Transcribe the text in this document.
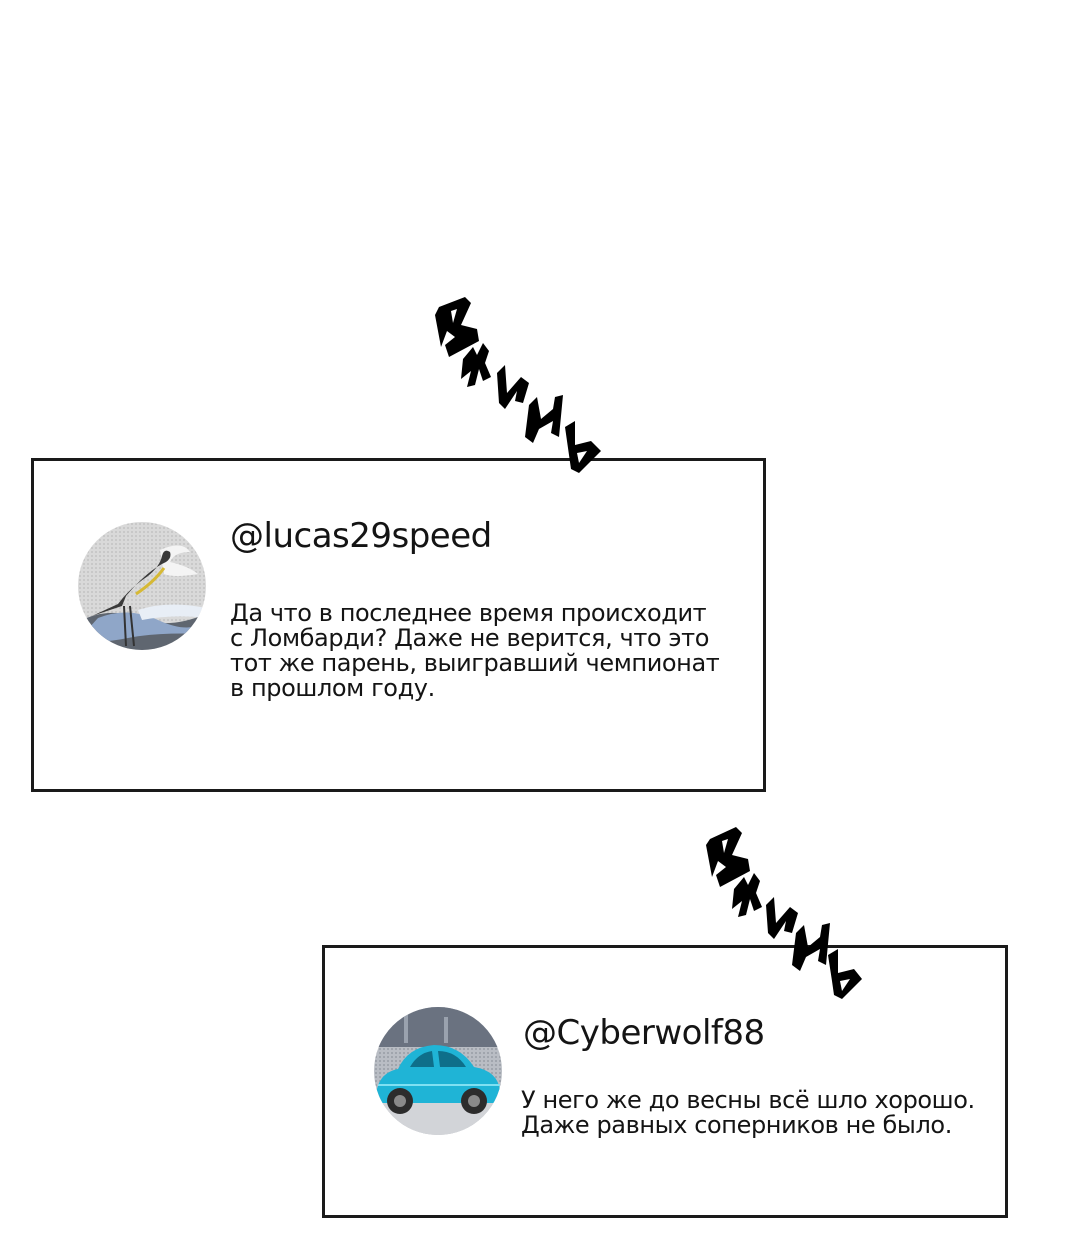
@lucas29speed
Да что в последнее время происходит
с Ломбарди? Даже не верится, что это
тот же парень, выигравший чемпионат
в прошлом году.
@Cyberwolf88
У него же до весны всё шло хорошо.
Даже равных соперников не было.
